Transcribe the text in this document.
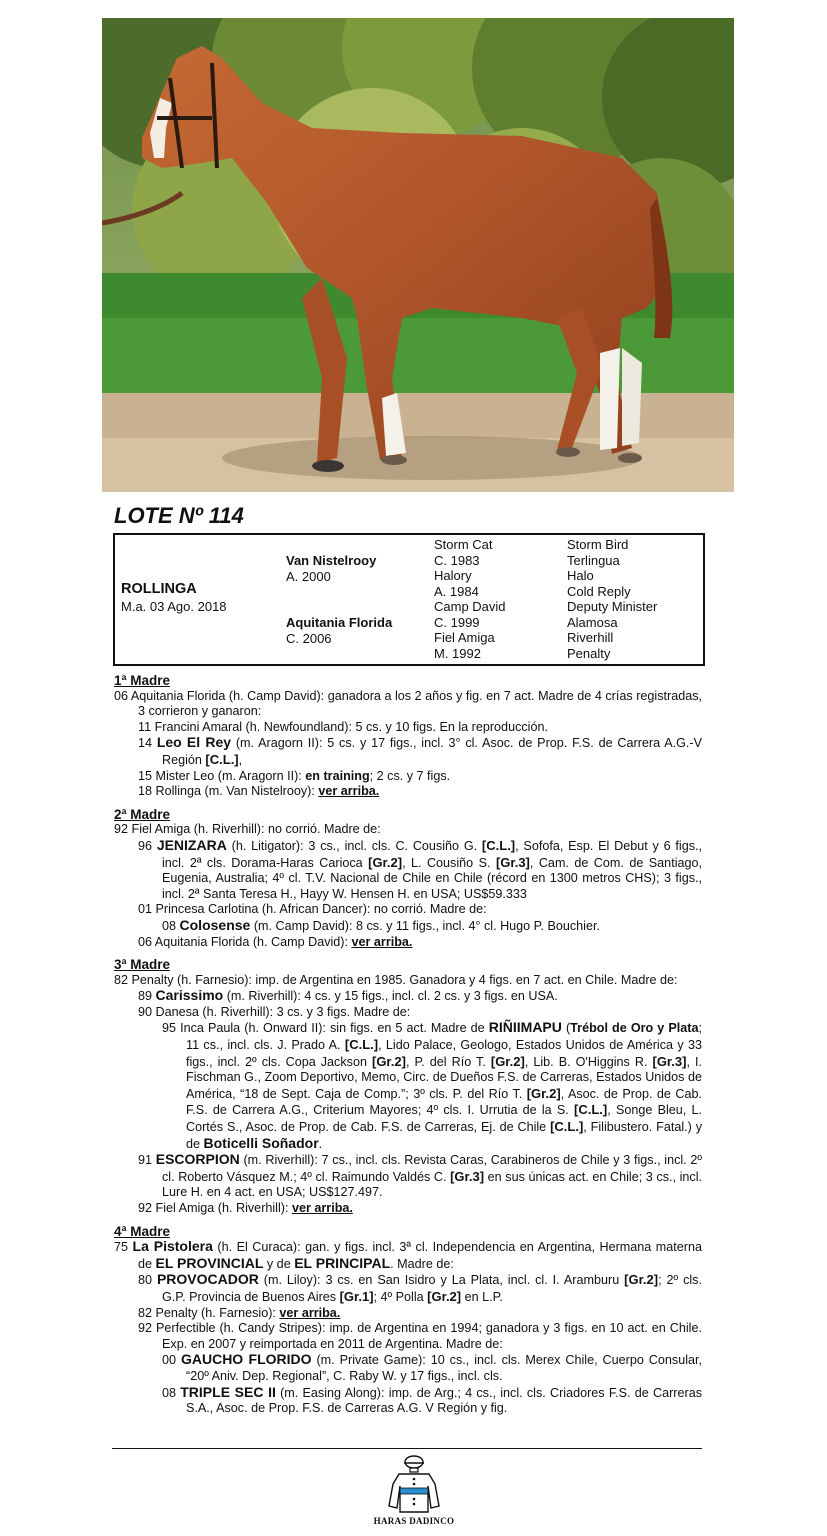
LOTE Nº 114
ROLLINGA
M.a. 03 Ago. 2018
Van Nistelrooy
A. 2000
Aquitania Florida
C. 2006
Storm Cat
C. 1983
Halory
A. 1984
Camp David
C. 1999
Fiel Amiga
M. 1992
Storm Bird
Terlingua
Halo
Cold Reply
Deputy Minister
Alamosa
Riverhill
Penalty
1ª Madre
06 Aquitania Florida (h. Camp David): ganadora a los 2 años y fig. en 7 act. Madre de 4 crías registradas, 3 corrieron y ganaron:
11 Francini Amaral (h. Newfoundland): 5 cs. y 10 figs. En la reproducción.
14 Leo El Rey (m. Aragorn II): 5 cs. y 17 figs., incl. 3° cl. Asoc. de Prop. F.S. de Carrera A.G.-V Región [C.L.],
15 Mister Leo (m. Aragorn II): en training; 2 cs. y 7 figs.
18 Rollinga (m. Van Nistelrooy): ver arriba.
2ª Madre
92 Fiel Amiga (h. Riverhill): no corrió. Madre de:
96 JENIZARA (h. Litigator): 3 cs., incl. cls. C. Cousiño G. [C.L.], Sofofa, Esp. El Debut y 6 figs., incl. 2ª cls. Dorama-Haras Carioca [Gr.2], L. Cousiño S. [Gr.3], Cam. de Com. de Santiago, Eugenia, Australia; 4º cl. T.V. Nacional de Chile en Chile (récord en 1300 metros CHS); 3 figs., incl. 2ª Santa Teresa H., Hayy W. Hensen H. en USA; US$59.333
01 Princesa Carlotina (h. African Dancer): no corrió. Madre de:
08 Colosense (m. Camp David): 8 cs. y 11 figs., incl. 4° cl. Hugo P. Bouchier.
06 Aquitania Florida (h. Camp David): ver arriba.
3ª Madre
82 Penalty (h. Farnesio): imp. de Argentina en 1985. Ganadora y 4 figs. en 7 act. en Chile. Madre de:
89 Carissimo (m. Riverhill): 4 cs. y 15 figs., incl. cl. 2 cs. y 3 figs. en USA.
90 Danesa (h. Riverhill): 3 cs. y 3 figs. Madre de:
95 Inca Paula (h. Onward II): sin figs. en 5 act. Madre de RIÑIIMAPU (Trébol de Oro y Plata; 11 cs., incl. cls. J. Prado A. [C.L.], Lido Palace, Geologo, Estados Unidos de América y 33 figs., incl. 2º cls. Copa Jackson [Gr.2], P. del Río T. [Gr.2], Lib. B. O'Higgins R. [Gr.3], I. Fischman G., Zoom Deportivo, Memo, Circ. de Dueños F.S. de Carreras, Estados Unidos de América, “18 de Sept. Caja de Comp.”; 3º cls. P. del Río T. [Gr.2], Asoc. de Prop. de Cab. F.S. de Carrera A.G., Criterium Mayores; 4º cls. I. Urrutia de la S. [C.L.], Songe Bleu, L. Cortés S., Asoc. de Prop. de Cab. F.S. de Carreras, Ej. de Chile [C.L.], Filibustero. Fatal.) y de Boticelli Soñador.
91 ESCORPION (m. Riverhill): 7 cs., incl. cls. Revista Caras, Carabineros de Chile y 3 figs., incl. 2º cl. Roberto Vásquez M.; 4º cl. Raimundo Valdés C. [Gr.3] en sus únicas act. en Chile; 3 cs., incl. Lure H. en 4 act. en USA; US$127.497.
92 Fiel Amiga (h. Riverhill): ver arriba.
4ª Madre
75 La Pistolera (h. El Curaca): gan. y figs. incl. 3ª cl. Independencia en Argentina, Hermana materna de EL PROVINCIAL y de EL PRINCIPAL. Madre de:
80 PROVOCADOR (m. Liloy): 3 cs. en San Isidro y La Plata, incl. cl. I. Aramburu [Gr.2]; 2º cls. G.P. Provincia de Buenos Aires [Gr.1]; 4º Polla [Gr.2] en L.P.
82 Penalty (h. Farnesio): ver arriba.
92 Perfectible (h. Candy Stripes): imp. de Argentina en 1994; ganadora y 3 figs. en 10 act. en Chile. Exp. en 2007 y reimportada en 2011 de Argentina. Madre de:
00 GAUCHO FLORIDO (m. Private Game): 10 cs., incl. cls. Merex Chile, Cuerpo Consular, “20º Aniv. Dep. Regional”, C. Raby W. y 17 figs., incl. cls.
08 TRIPLE SEC II (m. Easing Along): imp. de Arg.; 4 cs., incl. cls. Criadores F.S. de Carreras S.A., Asoc. de Prop. F.S. de Carreras A.G. V Región y fig.
HARAS DADINCO
